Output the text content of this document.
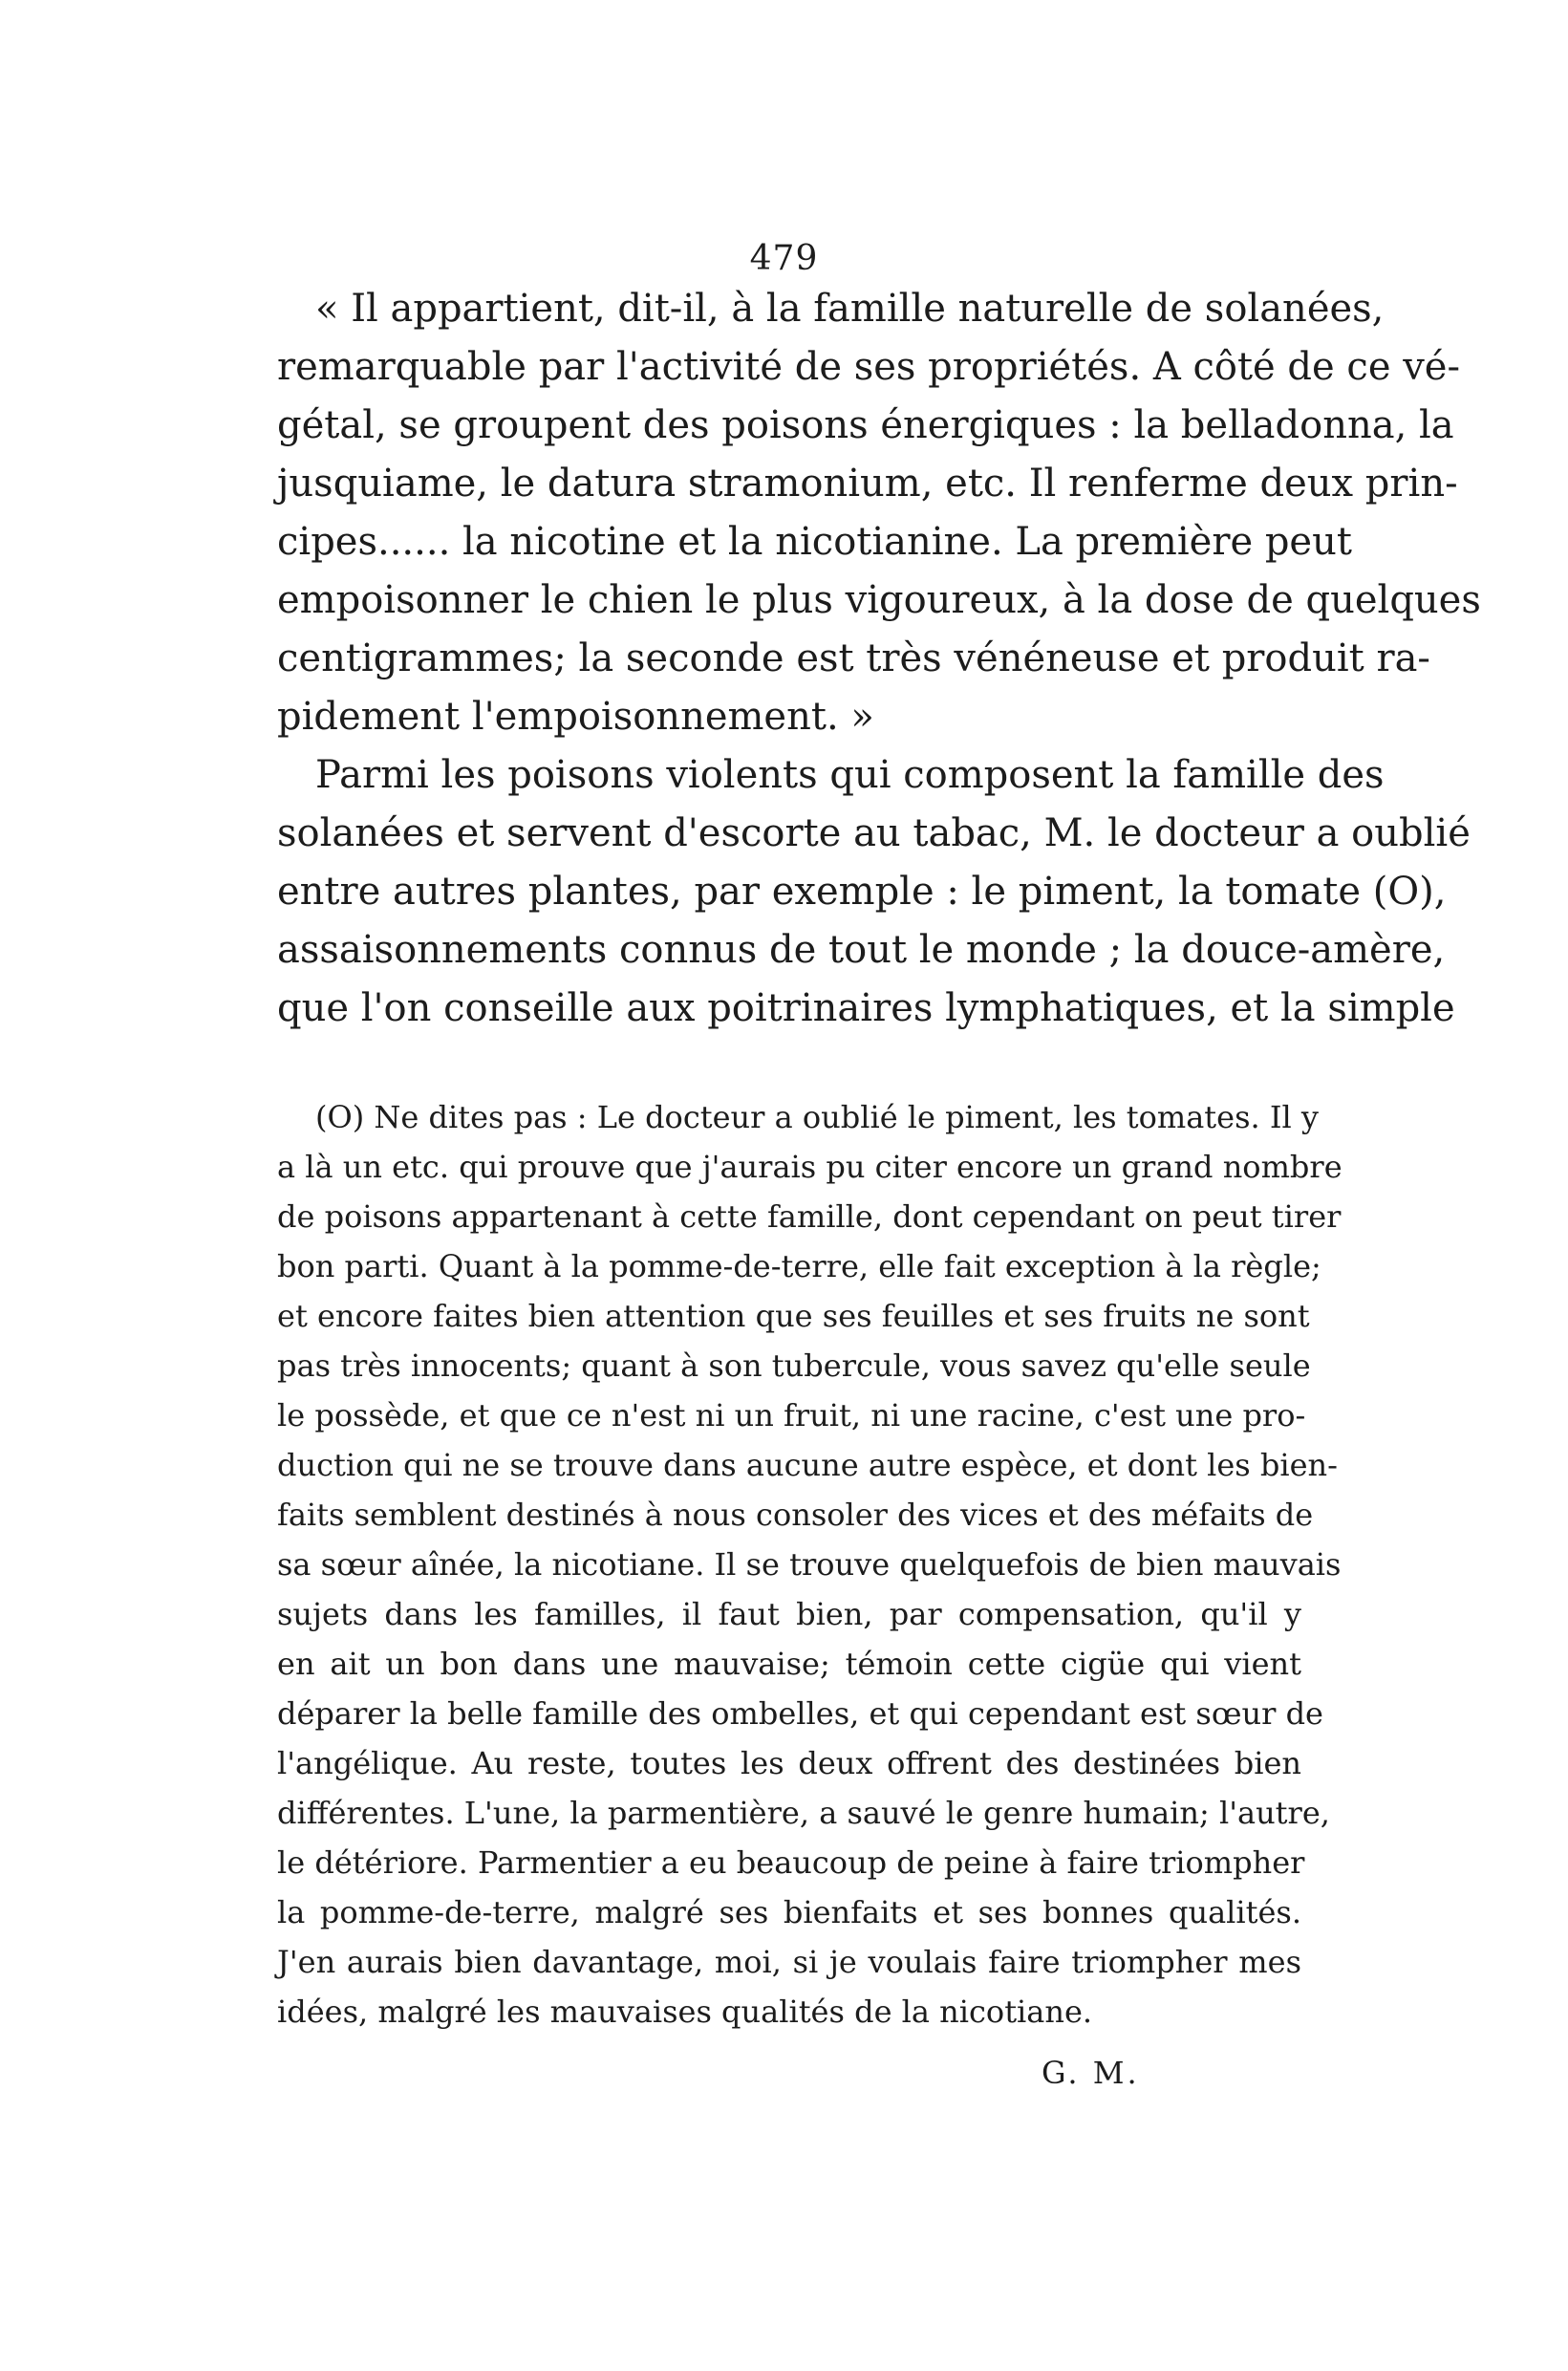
479
« Il appartient, dit-il, à la famille naturelle de solanées,
remarquable par l'activité de ses propriétés. A côté de ce vé-
gétal, se groupent des poisons énergiques : la belladonna, la
jusquiame, le datura stramonium, etc. Il renferme deux prin-
cipes...... la nicotine et la nicotianine. La première peut
empoisonner le chien le plus vigoureux, à la dose de quelques
centigrammes; la seconde est très vénéneuse et produit ra-
pidement l'empoisonnement. »
Parmi les poisons violents qui composent la famille des
solanées et servent d'escorte au tabac, M. le docteur a oublié
entre autres plantes, par exemple : le piment, la tomate (O),
assaisonnements connus de tout le monde ; la douce-amère,
que l'on conseille aux poitrinaires lymphatiques, et la simple
(O) Ne dites pas : Le docteur a oublié le piment, les tomates. Il y
a là un etc. qui prouve que j'aurais pu citer encore un grand nombre
de poisons appartenant à cette famille, dont cependant on peut tirer
bon parti. Quant à la pomme-de-terre, elle fait exception à la règle;
et encore faites bien attention que ses feuilles et ses fruits ne sont
pas très innocents; quant à son tubercule, vous savez qu'elle seule
le possède, et que ce n'est ni un fruit, ni une racine, c'est une pro-
duction qui ne se trouve dans aucune autre espèce, et dont les bien-
faits semblent destinés à nous consoler des vices et des méfaits de
sa sœur aînée, la nicotiane. Il se trouve quelquefois de bien mauvais
sujets dans les familles, il faut bien, par compensation, qu'il y
en ait un bon dans une mauvaise; témoin cette cigüe qui vient
déparer la belle famille des ombelles, et qui cependant est sœur de
l'angélique. Au reste, toutes les deux offrent des destinées bien
différentes. L'une, la parmentière, a sauvé le genre humain; l'autre,
le détériore. Parmentier a eu beaucoup de peine à faire triompher
la pomme-de-terre, malgré ses bienfaits et ses bonnes qualités.
J'en aurais bien davantage, moi, si je voulais faire triompher mes
idées, malgré les mauvaises qualités de la nicotiane.
G. M.
